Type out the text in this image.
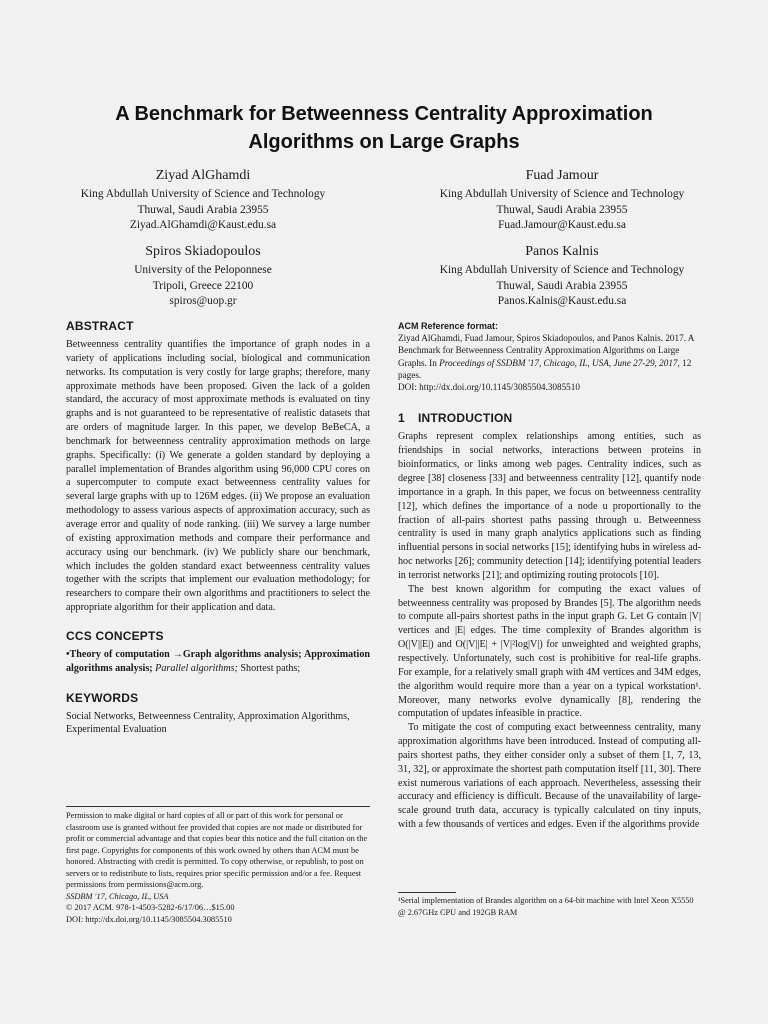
A Benchmark for Betweenness Centrality Approximation
Algorithms on Large Graphs
Ziyad AlGhamdi
King Abdullah University of Science and Technology
Thuwal, Saudi Arabia 23955
Ziyad.AlGhamdi@Kaust.edu.sa
Fuad Jamour
King Abdullah University of Science and Technology
Thuwal, Saudi Arabia 23955
Fuad.Jamour@Kaust.edu.sa
Spiros Skiadopoulos
University of the Peloponnese
Tripoli, Greece 22100
spiros@uop.gr
Panos Kalnis
King Abdullah University of Science and Technology
Thuwal, Saudi Arabia 23955
Panos.Kalnis@Kaust.edu.sa
ABSTRACT

Betweenness centrality quantifies the importance of graph nodes in a variety of applications including social, biological and communication networks. Its computation is very costly for large graphs; therefore, many approximate methods have been proposed. Given the lack of a golden standard, the accuracy of most approximate methods is evaluated on tiny graphs and is not guaranteed to be representative of realistic datasets that are orders of magnitude larger. In this paper, we develop BeBeCA, a benchmark for betweenness centrality approximation methods on large graphs. Specifically: (i) We generate a golden standard by deploying a parallel implementation of Brandes algorithm using 96,000 CPU cores on a supercomputer to compute exact betweenness centrality values for several large graphs with up to 126M edges. (ii) We propose an evaluation methodology to assess various aspects of approximation accuracy, such as average error and quality of node ranking. (iii) We survey a large number of existing approximation methods and compare their performance and accuracy using our benchmark. (iv) We publicly share our benchmark, which includes the golden standard exact betweenness centrality values together with the scripts that implement our evaluation methodology; for researchers to compare their own algorithms and practitioners to select the appropriate algorithm for their application and data.

CCS CONCEPTS

•Theory of computation →Graph algorithms analysis; Approximation algorithms analysis; Parallel algorithms; Shortest paths;

KEYWORDS

Social Networks, Betweenness Centrality, Approximation Algorithms, Experimental Evaluation

Permission to make digital or hard copies of all or part of this work for personal or classroom use is granted without fee provided that copies are not made or distributed for profit or commercial advantage and that copies bear this notice and the full citation on the first page. Copyrights for components of this work owned by others than ACM must be honored. Abstracting with credit is permitted. To copy otherwise, or republish, to post on servers or to redistribute to lists, requires prior specific permission and/or a fee. Request permissions from permissions@acm.org.
SSDBM '17, Chicago, IL, USA
© 2017 ACM. 978-1-4503-5282-6/17/06…$15.00
DOI: http://dx.doi.org/10.1145/3085504.3085510
ACM Reference format:
Ziyad AlGhamdi, Fuad Jamour, Spiros Skiadopoulos, and Panos Kalnis. 2017. A Benchmark for Betweenness Centrality Approximation Algorithms on Large Graphs. In Proceedings of SSDBM '17, Chicago, IL, USA, June 27-29, 2017, 12 pages.
DOI: http://dx.doi.org/10.1145/3085504.3085510
1 INTRODUCTION

Graphs represent complex relationships among entities, such as friendships in social networks, interactions between proteins in bioinformatics, or links among web pages. Centrality indices, such as degree [38] closeness [33] and betweenness centrality [12], quantify node importance in a graph. In this paper, we focus on betweenness centrality [12], which defines the importance of a node u proportionally to the fraction of all-pairs shortest paths passing through u. Betweenness centrality is used in many graph analytics applications such as finding influential persons in social networks [15]; identifying hubs in wireless ad-hoc networks [26]; community detection [14]; identifying potential leaders in terrorist networks [21]; and optimizing routing protocols [10].

The best known algorithm for computing the exact values of betweenness centrality was proposed by Brandes [5]. The algorithm needs to compute all-pairs shortest paths in the input graph G. Let G contain |V| vertices and |E| edges. The time complexity of Brandes algorithm is O(|V||E|) and O(|V||E| + |V|²log|V|) for unweighted and weighted graphs, respectively. Unfortunately, such cost is prohibitive for real-life graphs. For example, for a relatively small graph with 4M vertices and 34M edges, the algorithm would require more than a year on a typical workstation¹. Moreover, many networks evolve dynamically [8], rendering the computation of updates infeasible in practice.

To mitigate the cost of computing exact betweenness centrality, many approximation algorithms have been introduced. Instead of computing all-pairs shortest paths, they either consider only a subset of them [1, 7, 13, 31, 32], or approximate the shortest path computation itself [11, 30]. There exist numerous variations of each approach. Nevertheless, assessing their accuracy and efficiency is difficult. Because of the unavailability of large-scale ground truth data, accuracy is typically calculated on tiny inputs, with a few thousands of vertices and edges. Even if the algorithms provide

¹Serial implementation of Brandes algorithm on a 64-bit machine with Intel Xeon X5550 @ 2.67GHz CPU and 192GB RAM
